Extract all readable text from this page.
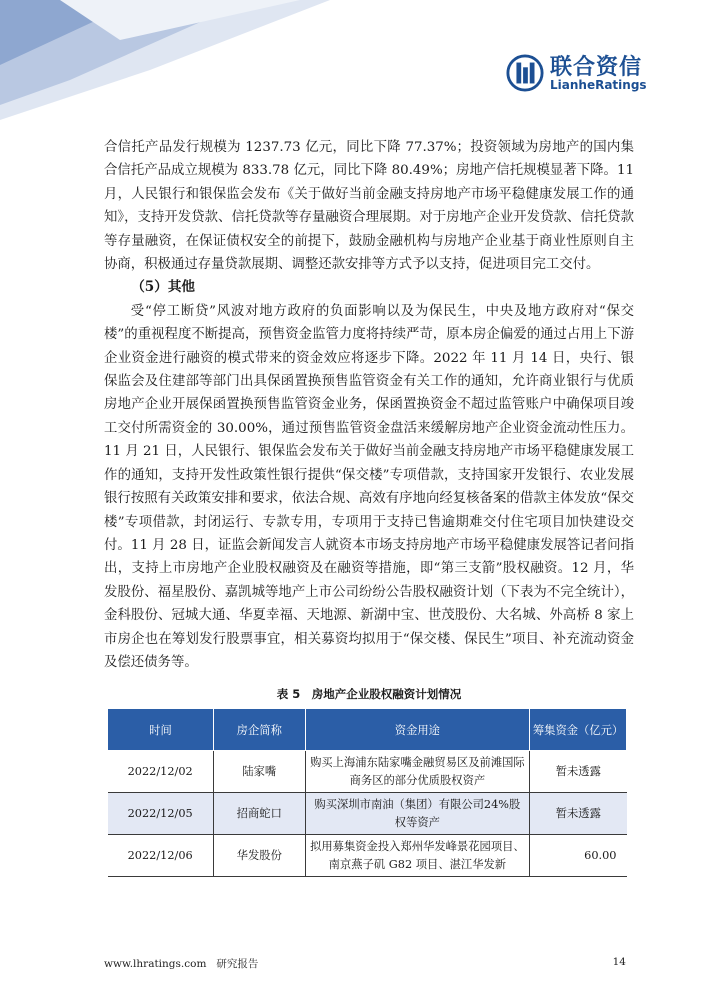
联合资信
LianheRatings

合信托产品发行规模为 1237.73 亿元，同比下降 77.37%；投资领域为房地产的国内集合信托产品成立规模为 833.78 亿元，同比下降 80.49%；房地产信托规模显著下降。11 月，人民银行和银保监会发布《关于做好当前金融支持房地产市场平稳健康发展工作的通知》，支持开发贷款、信托贷款等存量融资合理展期。对于房地产企业开发贷款、信托贷款等存量融资，在保证债权安全的前提下，鼓励金融机构与房地产企业基于商业性原则自主协商，积极通过存量贷款展期、调整还款安排等方式予以支持，促进项目完工交付。

（5）其他

受“停工断贷”风波对地方政府的负面影响以及为保民生，中央及地方政府对“保交楼”的重视程度不断提高，预售资金监管力度将持续严苛，原本房企偏爱的通过占用上下游企业资金进行融资的模式带来的资金效应将逐步下降。2022 年 11 月 14 日，央行、银保监会及住建部等部门出具保函置换预售监管资金有关工作的通知，允许商业银行与优质房地产企业开展保函置换预售监管资金业务，保函置换资金不超过监管账户中确保项目竣工交付所需资金的 30.00%，通过预售监管资金盘活来缓解房地产企业资金流动性压力。11 月 21 日，人民银行、银保监会发布关于做好当前金融支持房地产市场平稳健康发展工作的通知，支持开发性政策性银行提供“保交楼”专项借款，支持国家开发银行、农业发展银行按照有关政策安排和要求，依法合规、高效有序地向经复核备案的借款主体发放“保交楼”专项借款，封闭运行、专款专用，专项用于支持已售逾期难交付住宅项目加快建设交付。11 月 28 日，证监会新闻发言人就资本市场支持房地产市场平稳健康发展答记者问指出，支持上市房地产企业股权融资及在融资等措施，即“第三支箭”股权融资。12 月，华发股份、福星股份、嘉凯城等地产上市公司纷纷公告股权融资计划（下表为不完全统计），金科股份、冠城大通、华夏幸福、天地源、新湖中宝、世茂股份、大名城、外高桥 8 家上市房企也在筹划发行股票事宜，相关募资均拟用于“保交楼、保民生”项目、补充流动资金及偿还债务等。

表 5　房地产企业股权融资计划情况
时间	房企简称	资金用途	筹集资金（亿元）
2022/12/02	陆家嘴	购买上海浦东陆家嘴金融贸易区及前滩国际商务区的部分优质股权资产	暂未透露
2022/12/05	招商蛇口	购买深圳市南油（集团）有限公司24%股权等资产	暂未透露
2022/12/06	华发股份	拟用募集资金投入郑州华发峰景花园项目、南京燕子矶 G82 项目、湛江华发新	60.00
www.lhratings.com 研究报告	14
